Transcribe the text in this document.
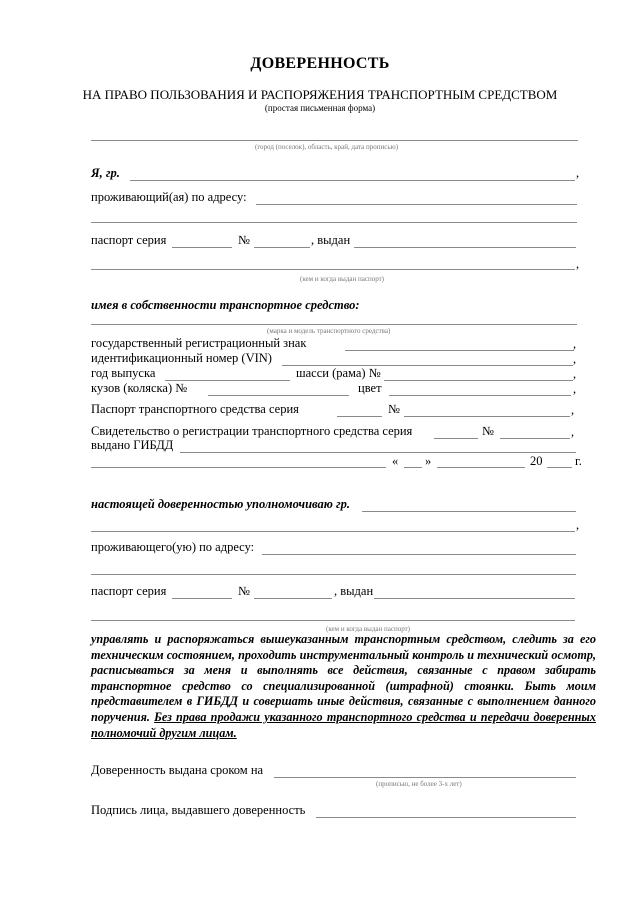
ДОВЕРЕННОСТЬ
НА ПРАВО ПОЛЬЗОВАНИЯ И РАСПОРЯЖЕНИЯ ТРАНСПОРТНЫМ СРЕДСТВОМ
(простая письменная форма)
(город (поселок), область, край, дата прописью)
Я, гр.	,
проживающий(ая) по адресу:
паспорт серия	№	, выдан
,
(кем и когда выдан паспорт)
имея в собственности транспортное средство:
(марка и модель транспортного средства)
государственный регистрационный знак	,
идентификационный номер (VIN)	,
год выпуска	шасси (рама) №	,
кузов (коляска) №	цвет	,
Паспорт транспортного средства серия	№	,
Свидетельство о регистрации транспортного средства серия	№	,
выдано ГИБДД
« »	20	г.
настоящей доверенностью уполномочиваю гр.
,
проживающего(ую) по адресу:
паспорт серия	№	, выдан
(кем и когда выдан паспорт)
управлять и распоряжаться вышеуказанным транспортным средством, следить за его техническим состоянием, проходить инструментальный контроль и технический осмотр, расписываться за меня и выполнять все действия, связанные с правом забирать транспортное средство со специализированной (штрафной) стоянки. Быть моим представителем в ГИБДД и совершать иные действия, связанные с выполнением данного поручения. Без права продажи указанного транспортного средства и передачи доверенных полномочий другим лицам.
Доверенность выдана сроком на
(прописью, не более 3-х лет)
Подпись лица, выдавшего доверенность
